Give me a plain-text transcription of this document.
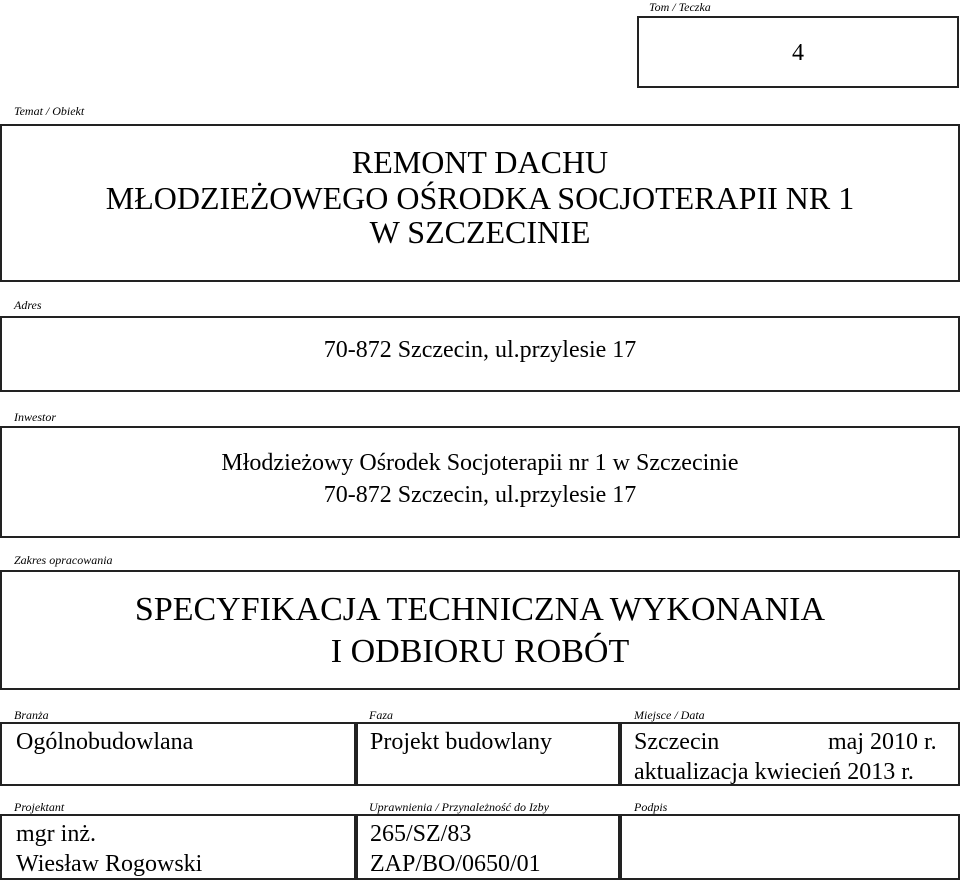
Tom / Teczka
4
Temat / Obiekt
REMONT DACHU
MŁODZIEŻOWEGO OŚRODKA SOCJOTERAPII NR 1
W SZCZECINIE
Adres
70-872 Szczecin, ul.przylesie 17
Inwestor
Młodzieżowy Ośrodek Socjoterapii nr 1 w Szczecinie
70-872 Szczecin, ul.przylesie 17
Zakres opracowania
SPECYFIKACJA TECHNICZNA WYKONANIA
I ODBIORU ROBÓT
Branża
Ogólnobudowlana
Faza
Projekt budowlany
Miejsce / Data
Szczecin	maj 2010 r.
aktualizacja kwiecień 2013 r.
Projektant
mgr inż.
Wiesław Rogowski
Uprawnienia / Przynależność do Izby
265/SZ/83
ZAP/BO/0650/01
Podpis
